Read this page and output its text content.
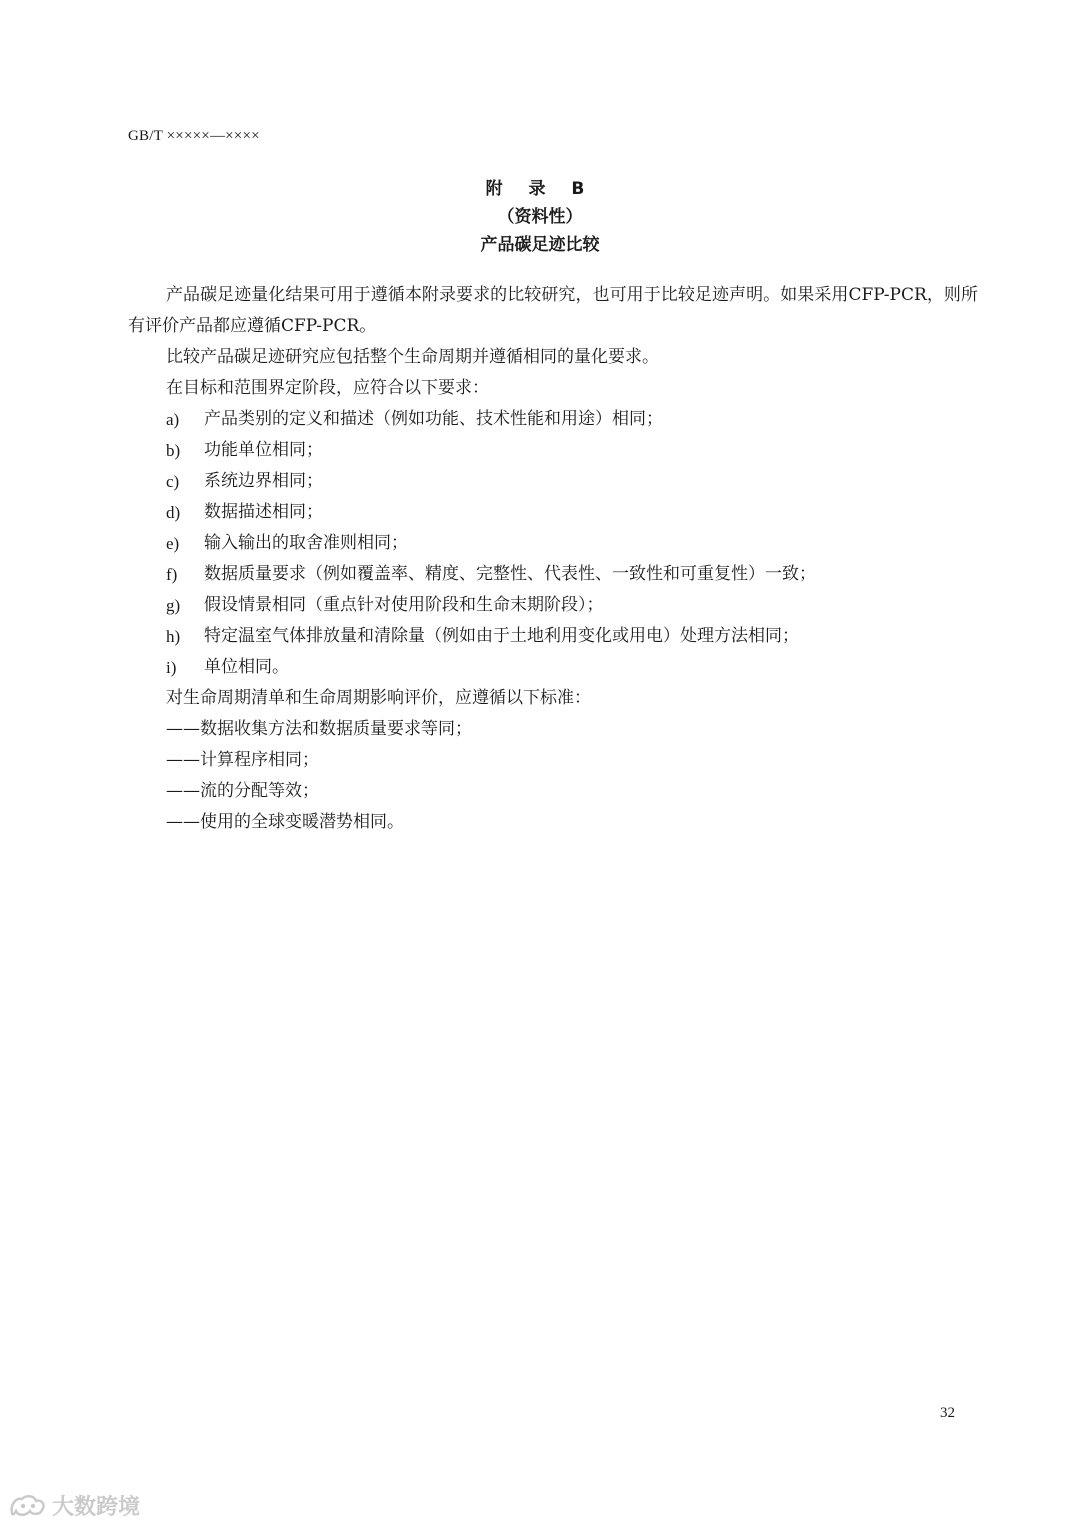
GB/T ×××××—××××
附 录 B
（资料性）
产品碳足迹比较

产品碳足迹量化结果可用于遵循本附录要求的比较研究，也可用于比较足迹声明。如果采用CFP-PCR，则所有评价产品都应遵循CFP-PCR。

比较产品碳足迹研究应包括整个生命周期并遵循相同的量化要求。

在目标和范围界定阶段，应符合以下要求：

a)	产品类别的定义和描述（例如功能、技术性能和用途）相同；
b)	功能单位相同；
c)	系统边界相同；
d)	数据描述相同；
e)	输入输出的取舍准则相同；
f)	数据质量要求（例如覆盖率、精度、完整性、代表性、一致性和可重复性）一致；
g)	假设情景相同（重点针对使用阶段和生命末期阶段）；
h)	特定温室气体排放量和清除量（例如由于土地利用变化或用电）处理方法相同；
i)	单位相同。

对生命周期清单和生命周期影响评价，应遵循以下标准：

——数据收集方法和数据质量要求等同；

——计算程序相同；

——流的分配等效；

——使用的全球变暖潜势相同。

32
大数跨境
